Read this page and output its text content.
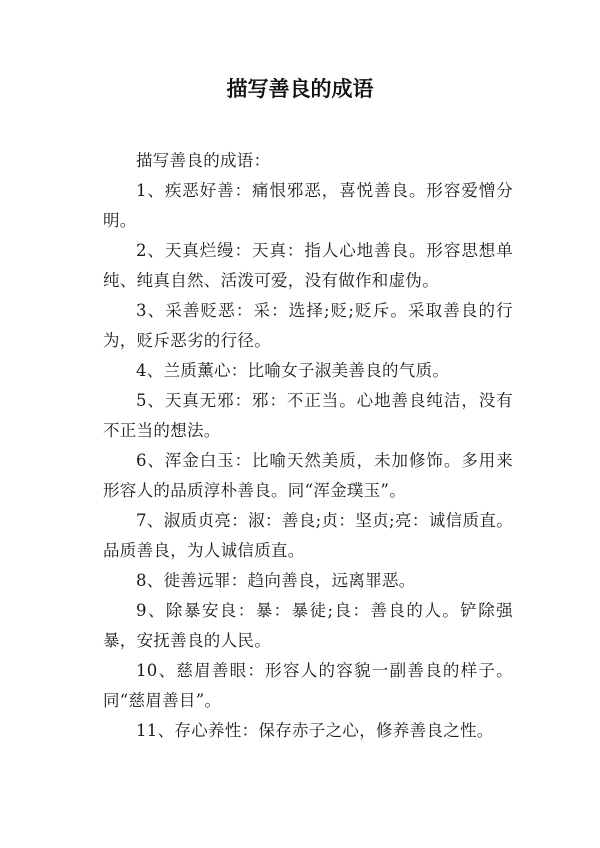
描写善良的成语

描写善良的成语：

1、疾恶好善：痛恨邪恶，喜悦善良。形容爱憎分明。

2、天真烂缦：天真：指人心地善良。形容思想单纯、纯真自然、活泼可爱，没有做作和虚伪。

3、采善贬恶：采：选择;贬;贬斥。采取善良的行为，贬斥恶劣的行径。

4、兰质薰心：比喻女子淑美善良的气质。

5、天真无邪：邪：不正当。心地善良纯洁，没有不正当的想法。

6、浑金白玉：比喻天然美质，未加修饰。多用来形容人的品质淳朴善良。同“浑金璞玉”。

7、淑质贞亮：淑：善良;贞：坚贞;亮：诚信质直。品质善良，为人诚信质直。

8、徙善远罪：趋向善良，远离罪恶。

9、除暴安良：暴：暴徒;良：善良的人。铲除强暴，安抚善良的人民。

10、慈眉善眼：形容人的容貌一副善良的样子。同“慈眉善目”。

11、存心养性：保存赤子之心，修养善良之性。
